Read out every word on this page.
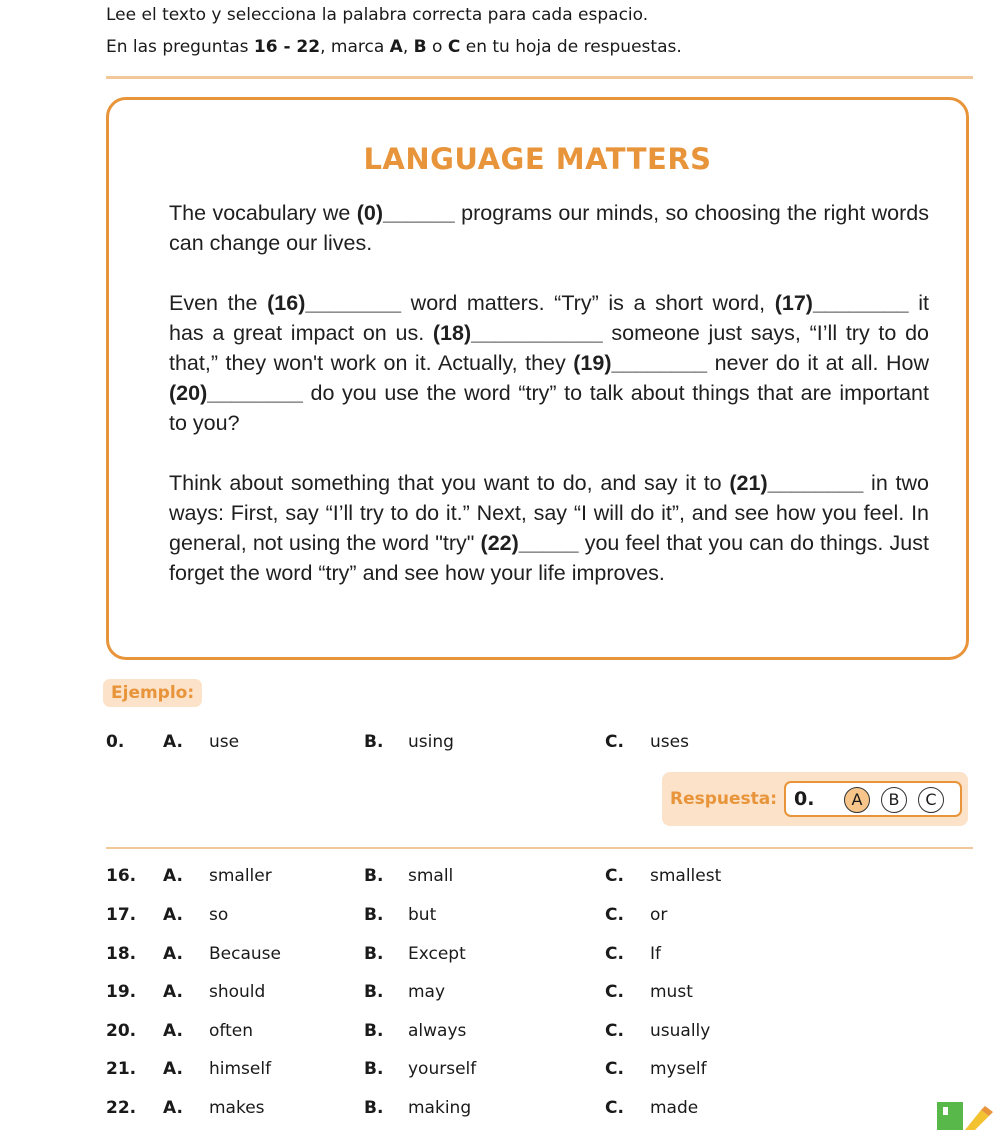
Lee el texto y selecciona la palabra correcta para cada espacio.
En las preguntas 16 - 22, marca A, B o C en tu hoja de respuestas.
LANGUAGE MATTERS
The vocabulary we (0)______ programs our minds, so choosing the right words can change our lives.
Even the (16)________ word matters. “Try” is a short word, (17)________ it has a great impact on us. (18)___________ someone just says, “I’ll try to do that,” they won't work on it. Actually, they (19)________ never do it at all. How (20)________ do you use the word “try” to talk about things that are important to you?
Think about something that you want to do, and say it to (21)________ in two ways: First, say “I’ll try to do it.” Next, say “I will do it”, and see how you feel. In general, not using the word "try" (22)_____ you feel that you can do things. Just forget the word “try” and see how your life improves.
Ejemplo:
0. A. use	B. using	C. uses
Respuesta: 0.	A	B	C
16. A. smaller	B. small	C. smallest
17. A. so	B. but	C. or
18. A. Because	B. Except	C. If
19. A. should	B. may	C. must
20. A. often	B. always	C. usually
21. A. himself	B. yourself	C. myself
22. A. makes	B. making	C. made
